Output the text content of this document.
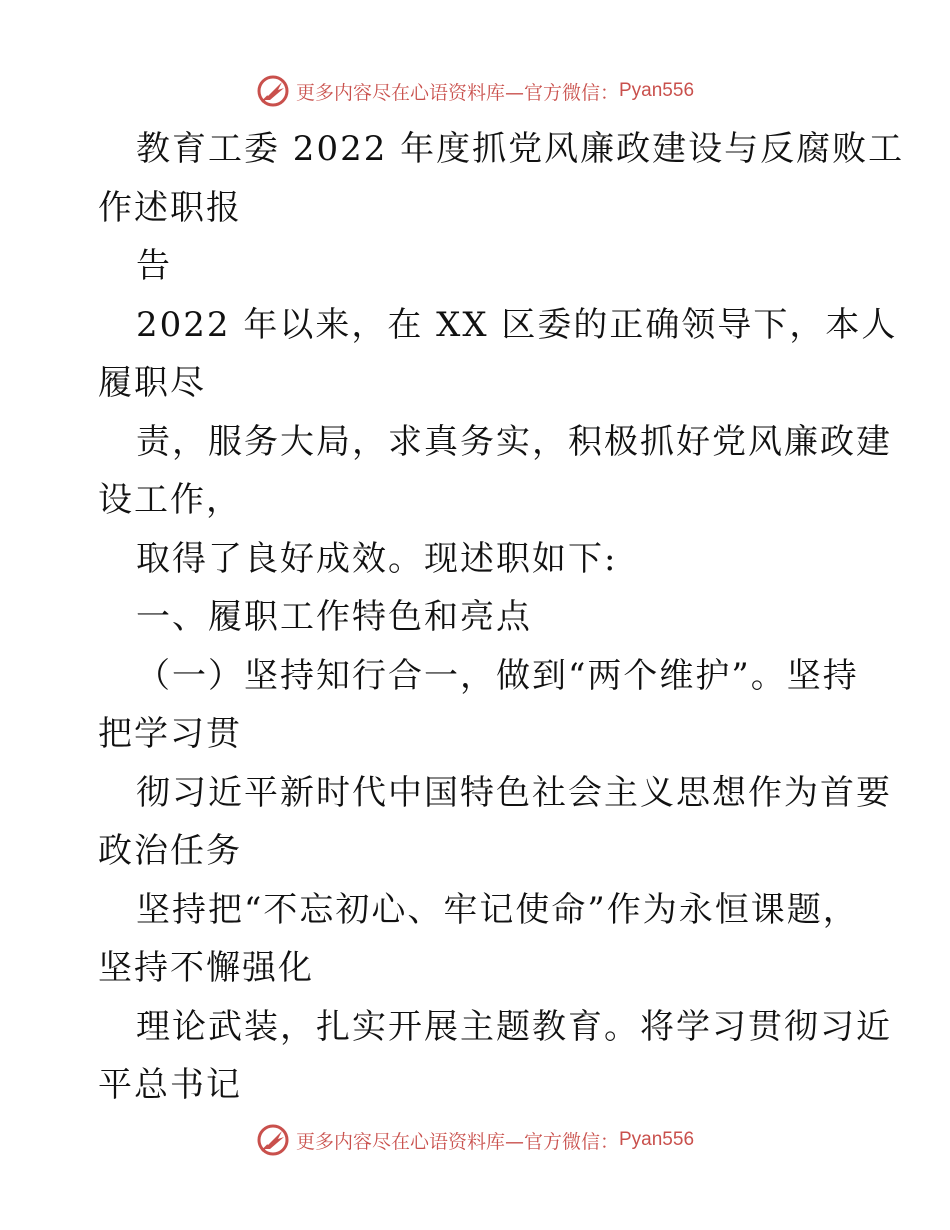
更多内容尽在心语资料库—官方微信： Pyan556

教育工委 2022 年度抓党风廉政建设与反腐败工

作述职报

告

2022 年以来，在 XX 区委的正确领导下，本人

履职尽

责，服务大局，求真务实，积极抓好党风廉政建

设工作，

取得了良好成效。现述职如下:

一、履职工作特色和亮点

（一）坚持知行合一，做到“两个维护”。坚持

把学习贯

彻习近平新时代中国特色社会主义思想作为首要

政治任务

坚持把“不忘初心、牢记使命”作为永恒课题，

坚持不懈强化

理论武装，扎实开展主题教育。将学习贯彻习近

平总书记

更多内容尽在心语资料库—官方微信： Pyan556
